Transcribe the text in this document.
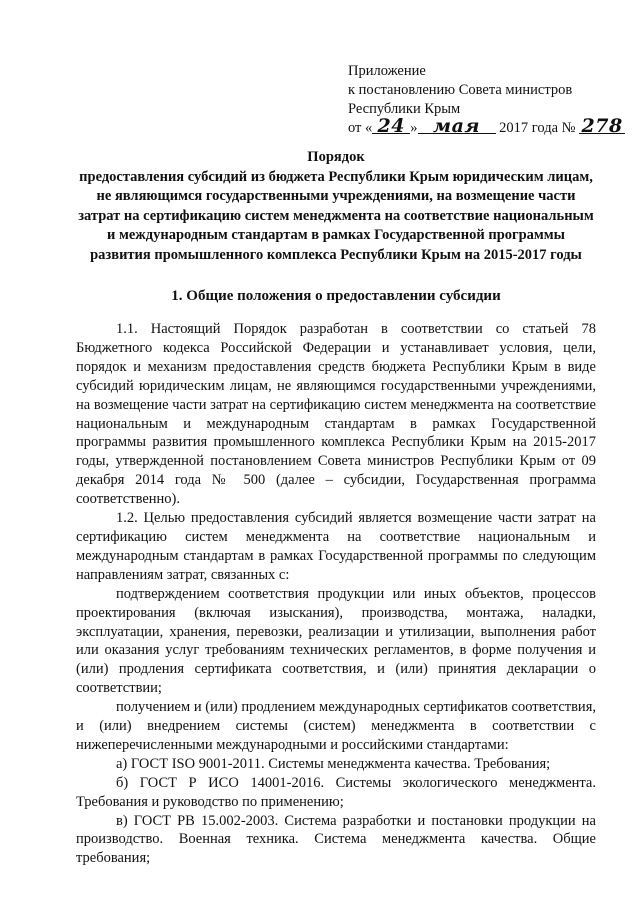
Приложение
к постановлению Совета министров
Республики Крым
от « 24 » мая 2017 года № 278
Порядок
предоставления субсидий из бюджета Республики Крым юридическим лицам, не являющимся государственными учреждениями, на возмещение части затрат на сертификацию систем менеджмента на соответствие национальным и международным стандартам в рамках Государственной программы развития промышленного комплекса Республики Крым на 2015-2017 годы
1. Общие положения о предоставлении субсидии

1.1. Настоящий Порядок разработан в соответствии со статьей 78 Бюджетного кодекса Российской Федерации и устанавливает условия, цели, порядок и механизм предоставления средств бюджета Республики Крым в виде субсидий юридическим лицам, не являющимся государственными учреждениями, на возмещение части затрат на сертификацию систем менеджмента на соответствие национальным и международным стандартам в рамках Государственной программы развития промышленного комплекса Республики Крым на 2015-2017 годы, утвержденной постановлением Совета министров Республики Крым от 09 декабря 2014 года № 500 (далее – субсидии, Государственная программа соответственно).

1.2. Целью предоставления субсидий является возмещение части затрат на сертификацию систем менеджмента на соответствие национальным и международным стандартам в рамках Государственной программы по следующим направлениям затрат, связанных с:

подтверждением соответствия продукции или иных объектов, процессов проектирования (включая изыскания), производства, монтажа, наладки, эксплуатации, хранения, перевозки, реализации и утилизации, выполнения работ или оказания услуг требованиям технических регламентов, в форме получения и (или) продления сертификата соответствия, и (или) принятия декларации о соответствии;

получением и (или) продлением международных сертификатов соответствия, и (или) внедрением системы (систем) менеджмента в соответствии с нижеперечисленными международными и российскими стандартами:

а) ГОСТ ISO 9001-2011. Системы менеджмента качества. Требования;

б) ГОСТ Р ИСО 14001-2016. Системы экологического менеджмента. Требования и руководство по применению;

в) ГОСТ РВ 15.002-2003. Система разработки и постановки продукции на производство. Военная техника. Система менеджмента качества. Общие требования;
